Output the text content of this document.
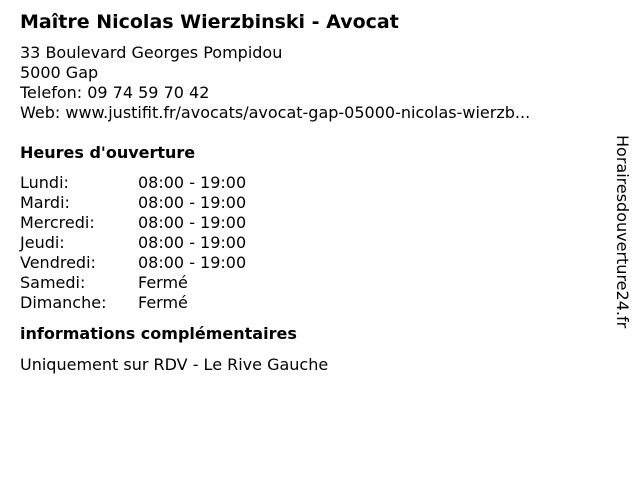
Maître Nicolas Wierzbinski - Avocat
33 Boulevard Georges Pompidou
5000 Gap
Telefon: 09 74 59 70 42
Web: www.justifit.fr/avocats/avocat-gap-05000-nicolas-wierzb...
Heures d'ouverture
Lundi:	08:00 - 19:00
Mardi:	08:00 - 19:00
Mercredi:	08:00 - 19:00
Jeudi:	08:00 - 19:00
Vendredi:	08:00 - 19:00
Samedi:	Fermé
Dimanche:	Fermé
informations complémentaires
Uniquement sur RDV - Le Rive Gauche
Horairesdouverture24.fr
